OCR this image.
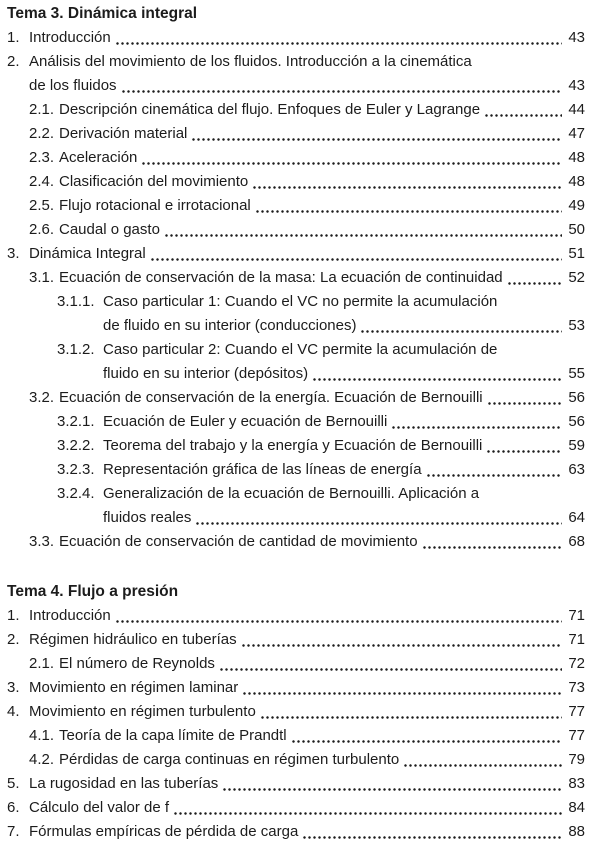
Tema 3. Dinámica integral
1. Introducción	43
2. Análisis del movimiento de los fluidos. Introducción a la cinemática
de los fluidos	43
2.1. Descripción cinemática del flujo. Enfoques de Euler y Lagrange	44
2.2. Derivación material	47
2.3. Aceleración	48
2.4. Clasificación del movimiento	48
2.5. Flujo rotacional e irrotacional	49
2.6. Caudal o gasto	50
3. Dinámica Integral	51
3.1. Ecuación de conservación de la masa: La ecuación de continuidad	52
3.1.1. Caso particular 1: Cuando el VC no permite la acumulación
de fluido en su interior (conducciones)	53
3.1.2. Caso particular 2: Cuando el VC permite la acumulación de
fluido en su interior (depósitos)	55
3.2. Ecuación de conservación de la energía. Ecuación de Bernouilli	56
3.2.1. Ecuación de Euler y ecuación de Bernouilli	56
3.2.2. Teorema del trabajo y la energía y Ecuación de Bernouilli	59
3.2.3. Representación gráfica de las líneas de energía	63
3.2.4. Generalización de la ecuación de Bernouilli. Aplicación a
fluidos reales	64
3.3. Ecuación de conservación de cantidad de movimiento	68
Tema 4. Flujo a presión
1. Introducción	71
2. Régimen hidráulico en tuberías	71
2.1. El número de Reynolds	72
3. Movimiento en régimen laminar	73
4. Movimiento en régimen turbulento	77
4.1. Teoría de la capa límite de Prandtl	77
4.2. Pérdidas de carga continuas en régimen turbulento	79
5. La rugosidad en las tuberías	83
6. Cálculo del valor de f	84
7. Fórmulas empíricas de pérdida de carga	88
